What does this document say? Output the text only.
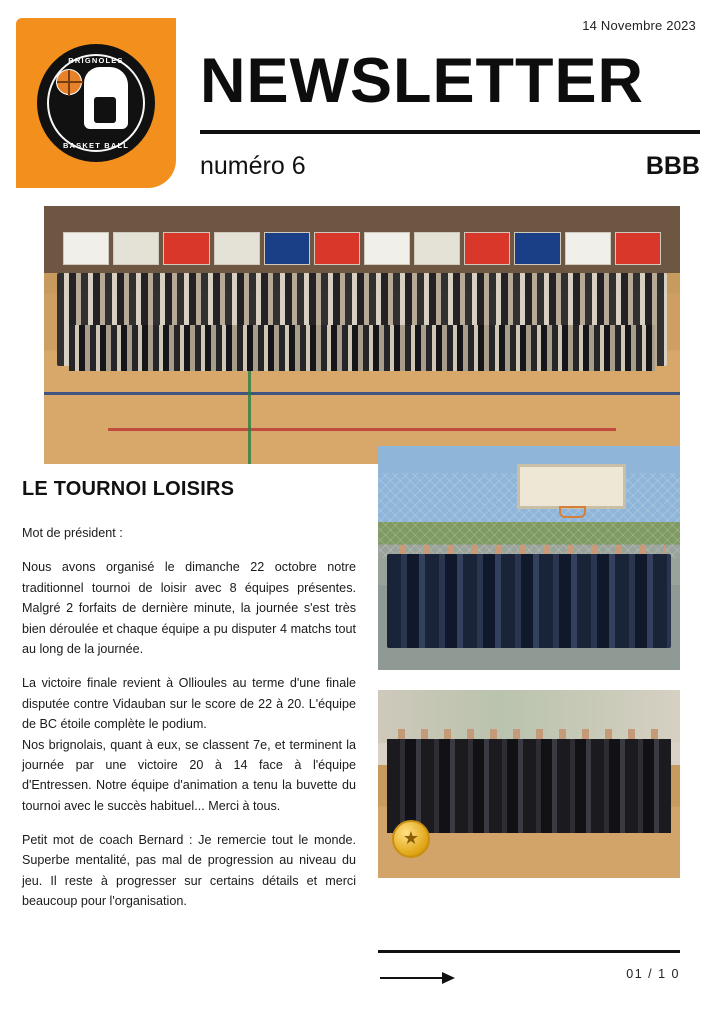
14 Novembre 2023
BRIGNOLES
BASKET BALL
NEWSLETTER
numéro 6	BBB
★
LE TOURNOI LOISIRS

Mot de président :

Nous avons organisé le dimanche 22 octobre notre traditionnel tournoi de loisir avec 8 équipes présentes. Malgré 2 forfaits de dernière minute, la journée s'est très bien déroulée et chaque équipe a pu disputer 4 matchs tout au long de la journée.

La victoire finale revient à Ollioules au terme d'une finale disputée contre Vidauban sur le score de 22 à 20. L'équipe de BC étoile complète le podium.

Nos brignolais, quant à eux, se classent 7e, et terminent la journée par une victoire 20 à 14 face à l'équipe d'Entressen. Notre équipe d'animation a tenu la buvette du tournoi avec le succès habituel... Merci à tous.

Petit mot de coach Bernard : Je remercie tout le monde. Superbe mentalité, pas mal de progression au niveau du jeu. Il reste à progresser sur certains détails et merci beaucoup pour l'organisation.

01 / 1 0
